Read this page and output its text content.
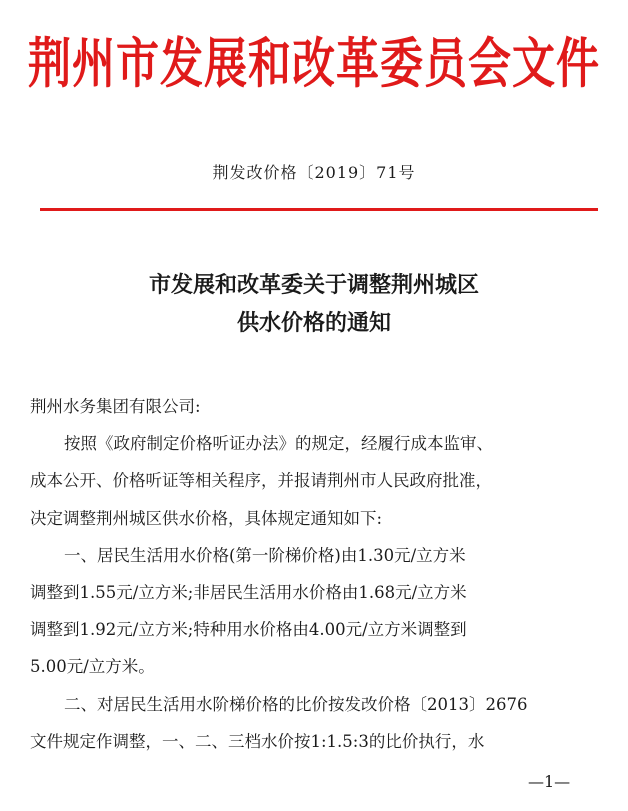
荆州市发展和改革委员会文件
荆发改价格〔2019〕71号
市发展和改革委关于调整荆州城区
供水价格的通知
荆州水务集团有限公司:
按照《政府制定价格听证办法》的规定，经履行成本监审、
成本公开、价格听证等相关程序，并报请荆州市人民政府批准，
决定调整荆州城区供水价格，具体规定通知如下:
一、居民生活用水价格(第一阶梯价格)由1.30元/立方米
调整到1.55元/立方米;非居民生活用水价格由1.68元/立方米
调整到1.92元/立方米;特种用水价格由4.00元/立方米调整到
5.00元/立方米。
二、对居民生活用水阶梯价格的比价按发改价格〔2013〕2676
文件规定作调整，一、二、三档水价按1:1.5:3的比价执行，水
—1—
